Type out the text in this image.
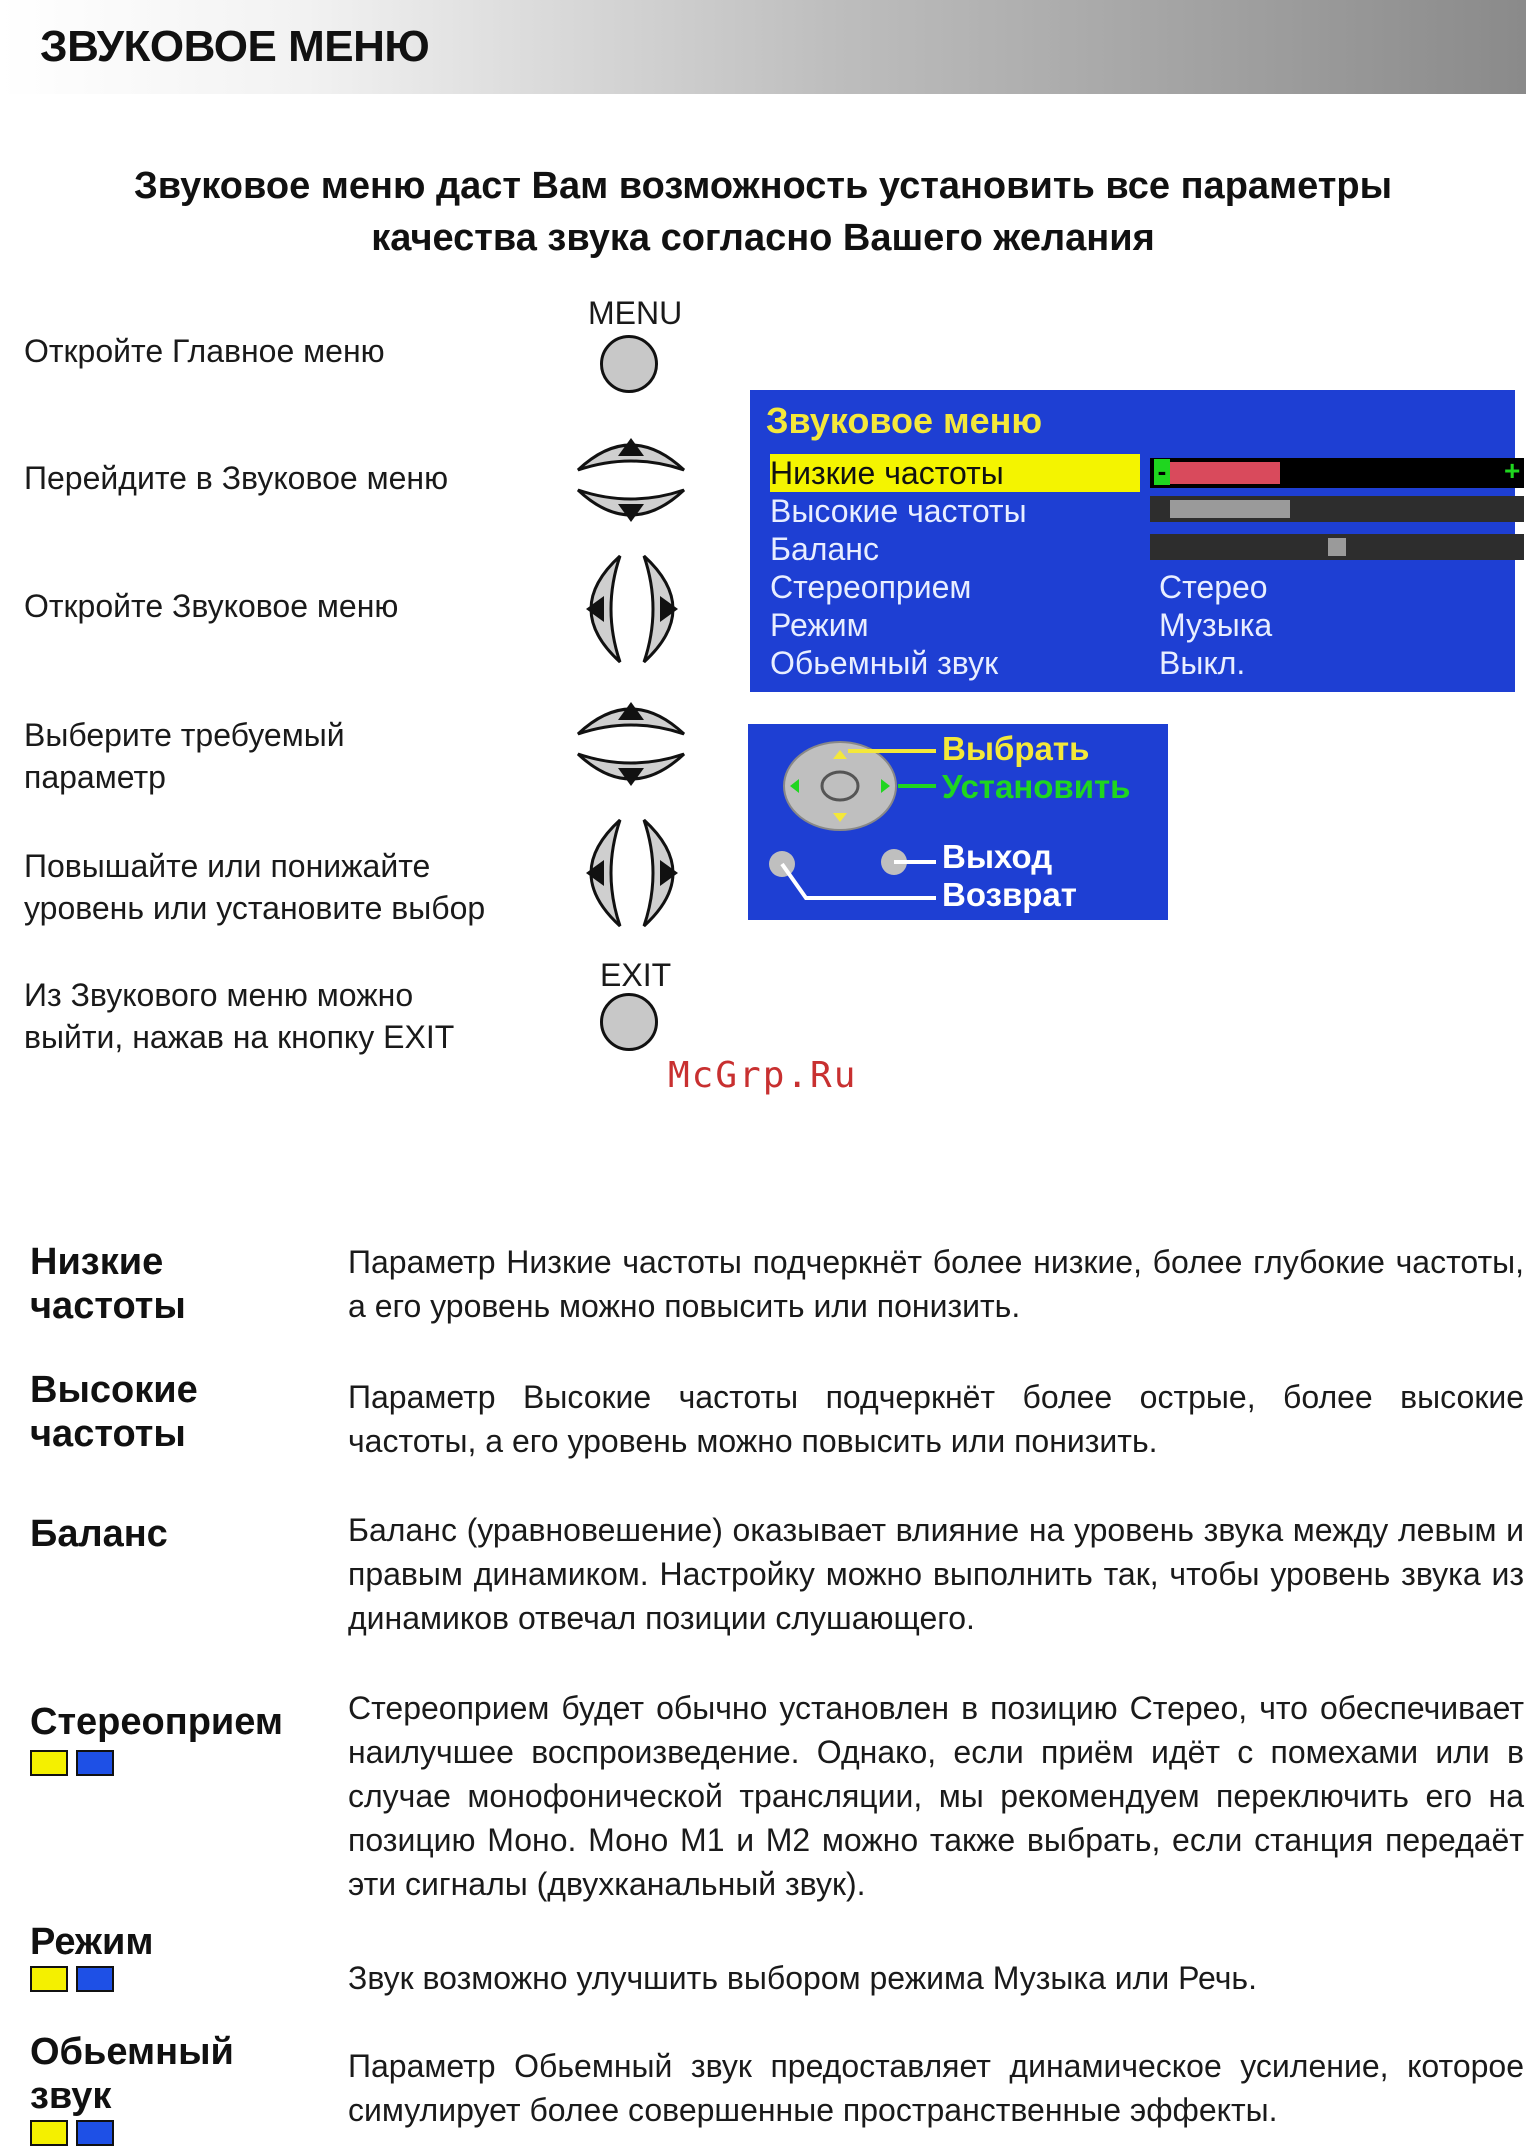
ЗВУКОВОЕ МЕНЮ
Звуковое меню даст Вам возможность установить все параметры
качества звука согласно Вашего желания
Откройте Главное меню
Перейдите в Звуковое меню
Откройте Звуковое меню
Выберите требуемый
параметр
Повышайте или понижайте
уровень или установите выбор
Из Звукового меню можно
выйти, нажав на кнопку EXIT
MENU
EXIT
Звуковое меню
Низкие частоты	-	+
Высокие частоты
Баланс
Стереоприем	Стерео
Режим	Музыка
Обьемный звук	Выкл.
Выбрать
Установить
Выход
Возврат
McGrp.Ru
Низкие
частоты
Параметр Низкие частоты подчеркнёт более низкие, более глубокие частоты, а его уровень можно повысить или понизить.
Высокие
частоты
Параметр Высокие частоты подчеркнёт более острые, более высокие частоты, а его уровень можно повысить или понизить.
Баланс	Баланс (уравновешение) оказывает влияние на уровень звука между левым и правым динамиком. Настройку можно выполнить так, чтобы уровень звука из динамиков отвечал позиции слушающего.
Стереоприем Стереоприем будет обычно установлен в позицию Стерео, что обеспечивает наилучшее воспроизведение. Однако, если приём идёт с помехами или в случае монофонической трансляции, мы рекомендуем переключить его на позицию Моно. Моно М1 и М2 можно также выбрать, если станция передаёт эти сигналы (двухканальный звук).
Режим
Звук возможно улучшить выбором режима Музыка или Речь.
Обьемный
звук
Параметр Обьемный звук предоставляет динамическое усиление, которое симулирует более совершенные пространственные эффекты.
